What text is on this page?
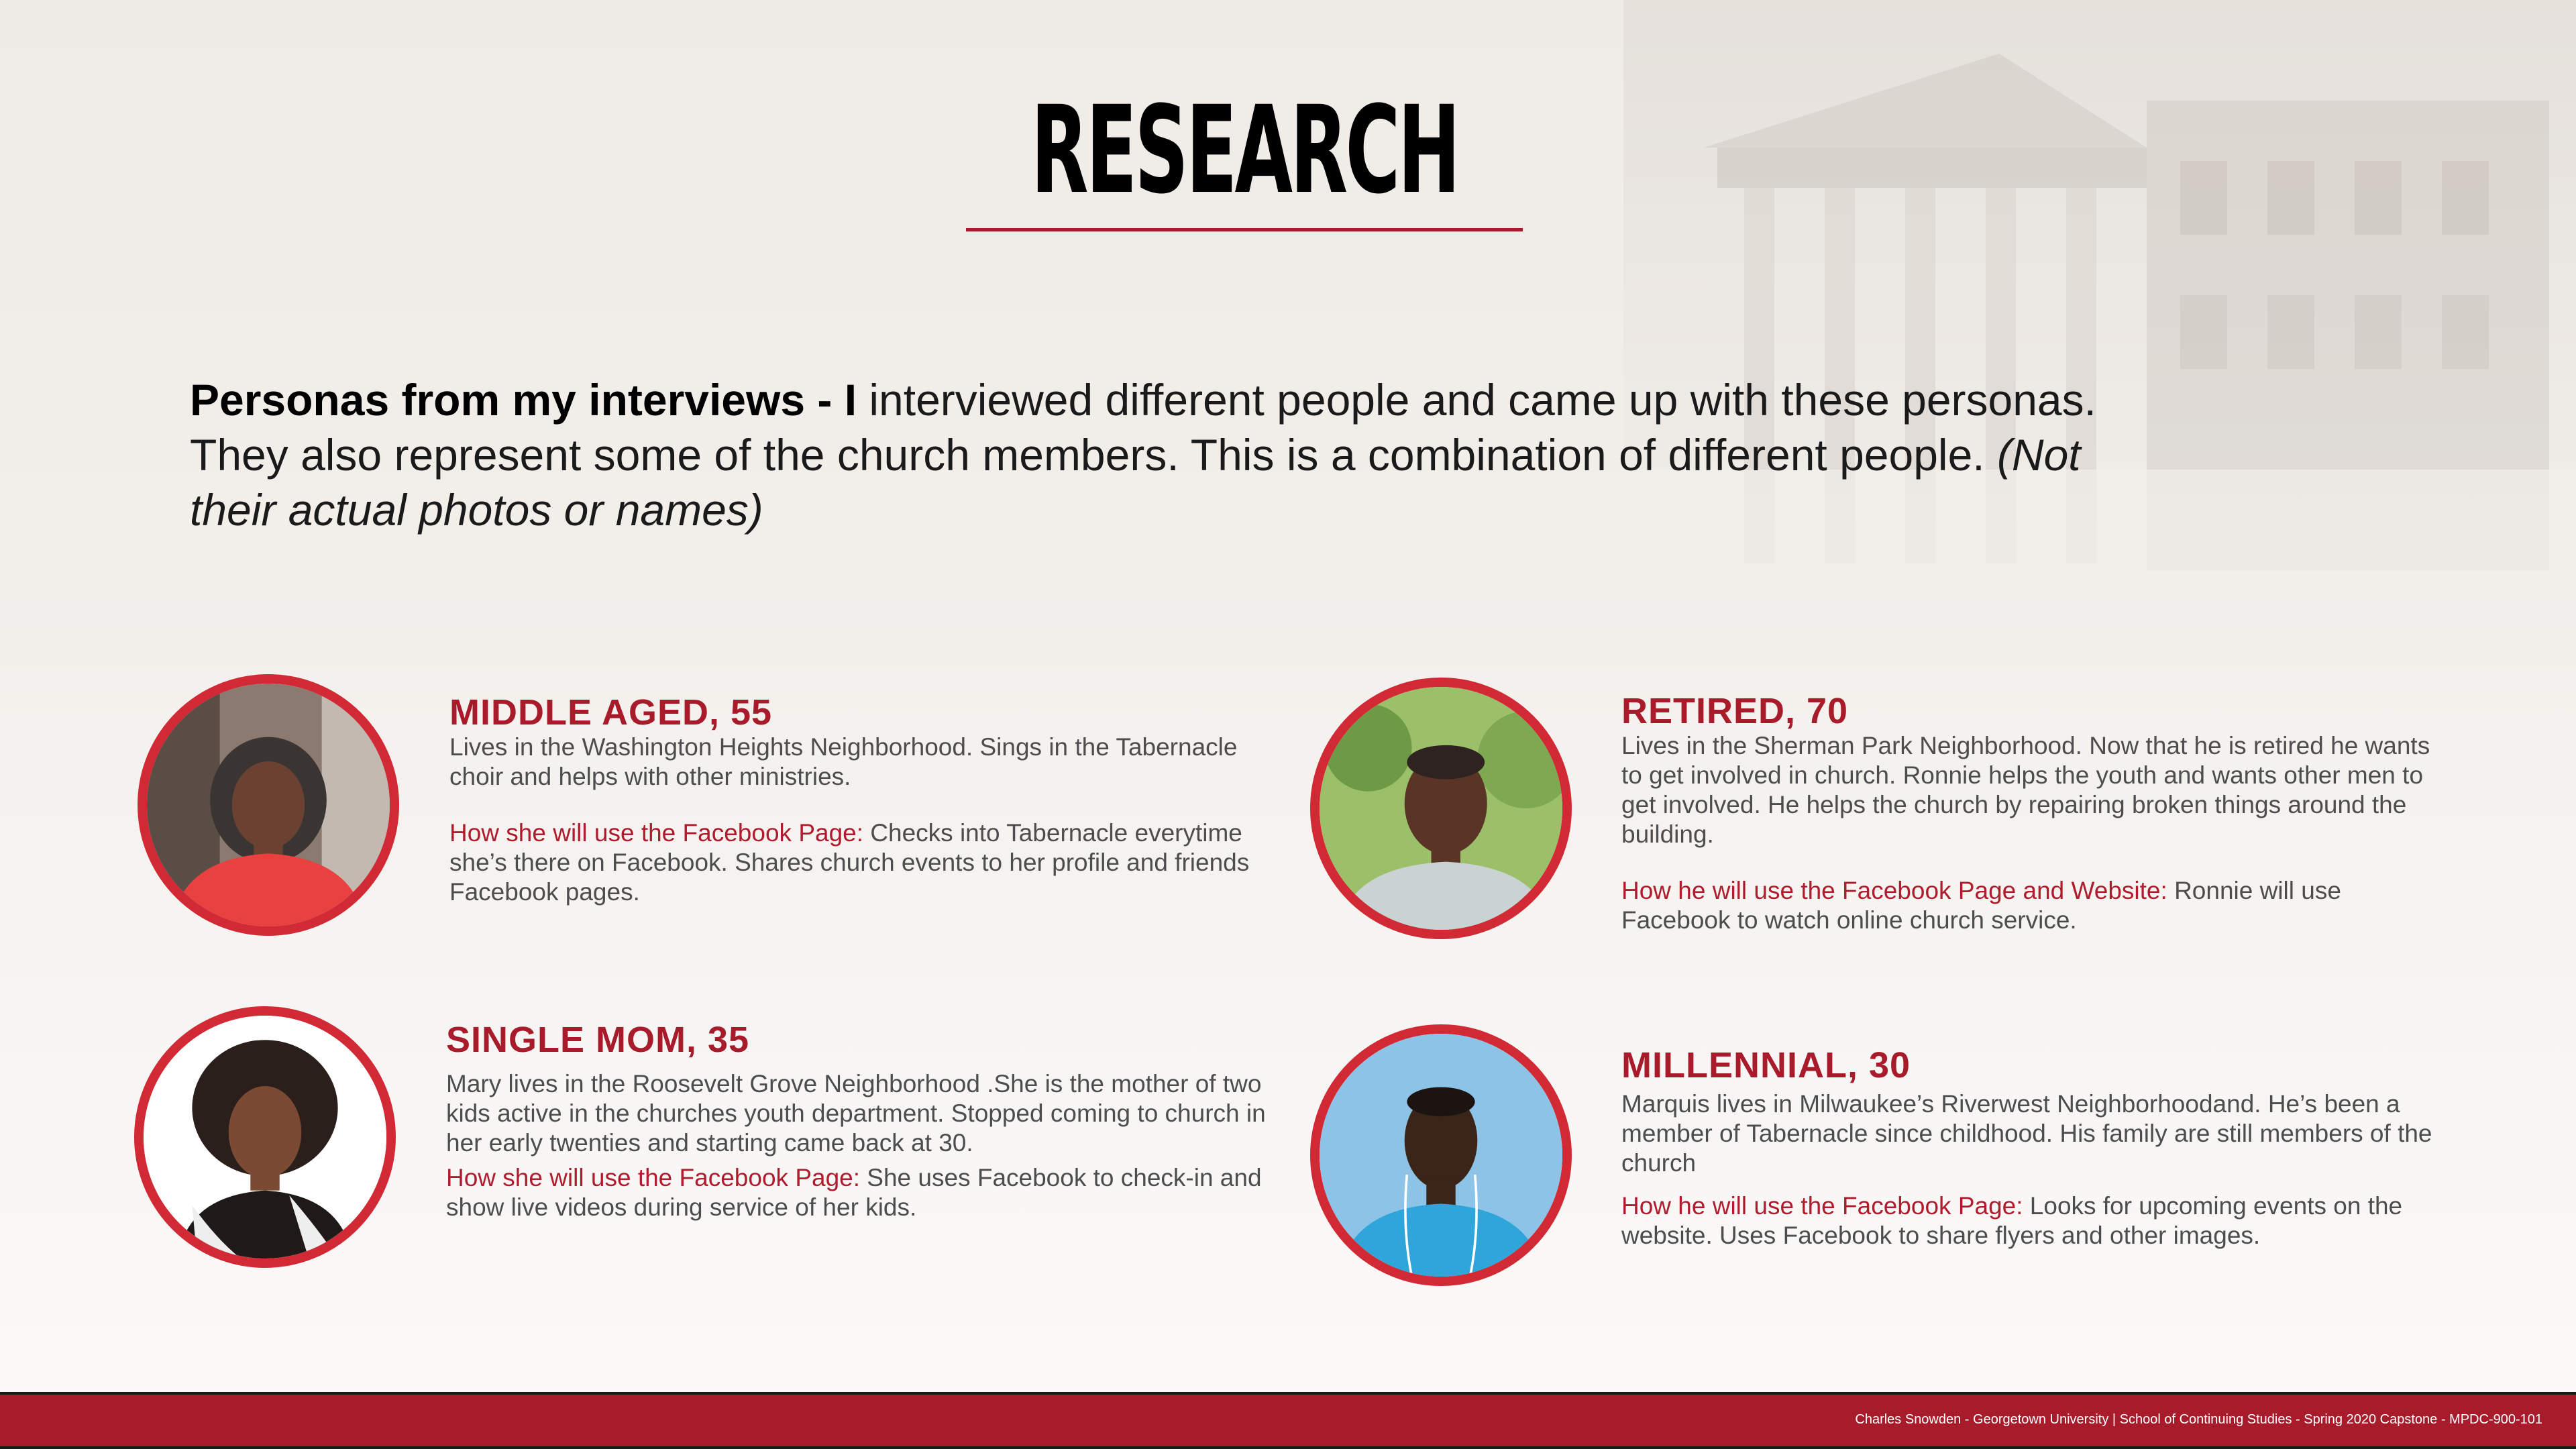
RESEARCH
Personas from my interviews - I interviewed different people and came up with these personas. They also represent some of the church members. This is a combination of different people. (Not their actual photos or names)

MIDDLE AGED, 55

Lives in the Washington Heights Neighborhood. Sings in the Tabernacle choir and helps with other ministries.

How she will use the Facebook Page: Checks into Tabernacle everytime she’s there on Facebook. Shares church events to her profile and friends Facebook pages.

RETIRED, 70

Lives in the Sherman Park Neighborhood. Now that he is retired he wants to get involved in church. Ronnie helps the youth and wants other men to get involved. He helps the church by repairing broken things around the building.

How he will use the Facebook Page and Website: Ronnie will use Facebook to watch online church service.

SINGLE MOM, 35

Mary lives in the Roosevelt Grove Neighborhood .She is the mother of two kids active in the churches youth department. Stopped coming to church in her early twenties and starting came back at 30.

How she will use the Facebook Page: She uses Facebook to check-in and show live videos during service of her kids.

MILLENNIAL, 30

Marquis lives in Milwaukee’s Riverwest Neighborhoodand. He’s been a member of Tabernacle since childhood. His family are still members of the church

How he will use the Facebook Page: Looks for upcoming events on the website. Uses Facebook to share flyers and other images.

Charles Snowden - Georgetown University | School of Continuing Studies - Spring 2020 Capstone - MPDC-900-101
